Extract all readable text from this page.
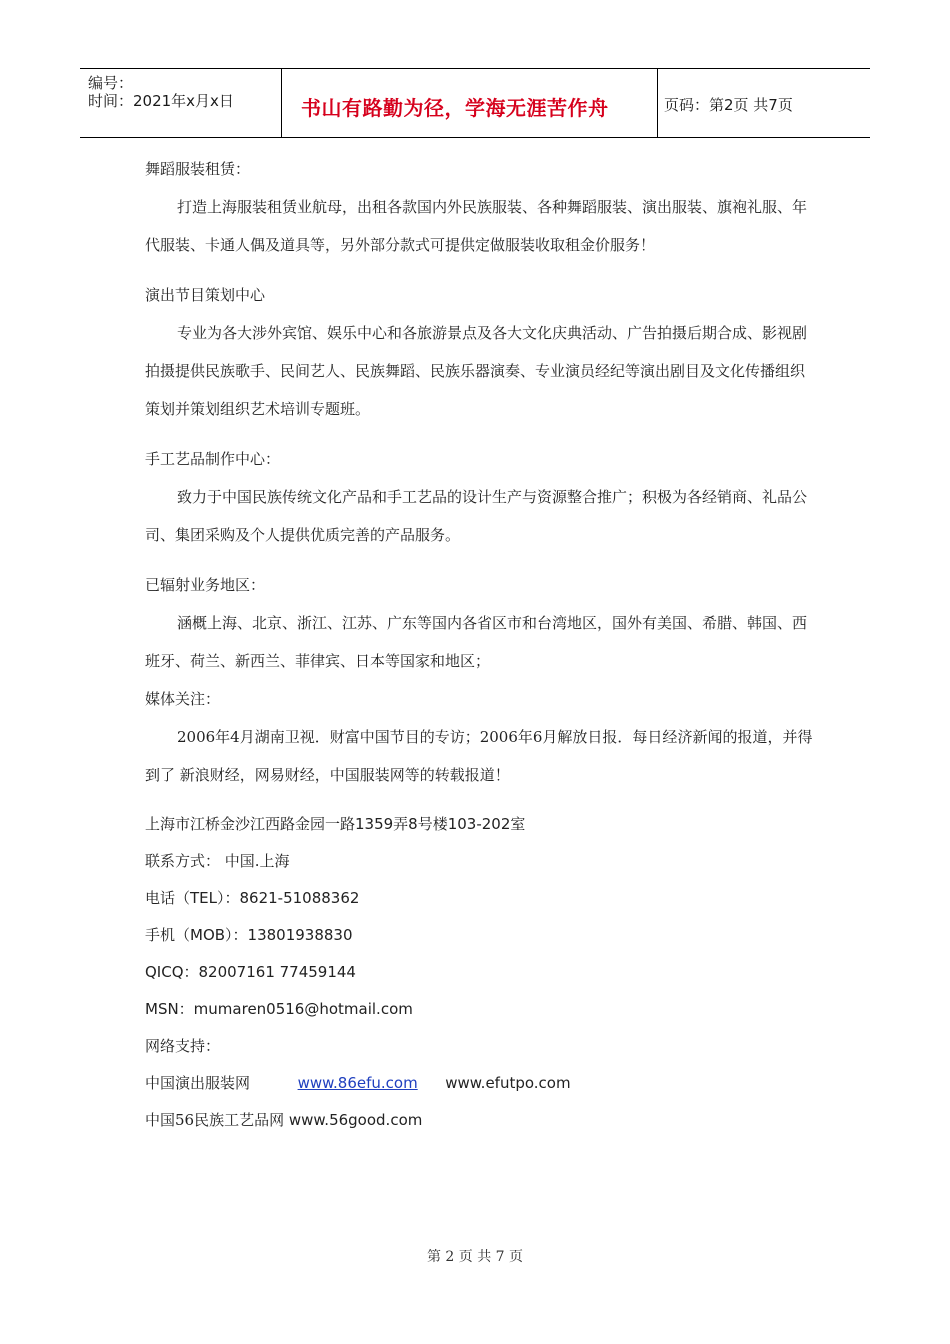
编号：
时间：2021年x月x日	书山有路勤为径，学海无涯苦作舟	页码：第2页 共7页

舞蹈服装租赁：

打造上海服装租赁业航母，出租各款国内外民族服装、各种舞蹈服装、演出服装、旗袍礼服、年代服装、卡通人偶及道具等，另外部分款式可提供定做服装收取租金价服务！

演出节目策划中心

专业为各大涉外宾馆、娱乐中心和各旅游景点及各大文化庆典活动、广告拍摄后期合成、影视剧拍摄提供民族歌手、民间艺人、民族舞蹈、民族乐器演奏、专业演员经纪等演出剧目及文化传播组织策划并策划组织艺术培训专题班。

手工艺品制作中心：

致力于中国民族传统文化产品和手工艺品的设计生产与资源整合推广；积极为各经销商、礼品公司、集团采购及个人提供优质完善的产品服务。

已辐射业务地区：

涵概上海、北京、浙江、江苏、广东等国内各省区市和台湾地区，国外有美国、希腊、韩国、西班牙、荷兰、新西兰、菲律宾、日本等国家和地区；

媒体关注：

2006年4月湖南卫视．财富中国节目的专访；2006年6月解放日报．每日经济新闻的报道，并得到了 新浪财经，网易财经，中国服装网等的转载报道！

上海市江桥金沙江西路金园一路1359弄8号楼103-202室

联系方式： 中国.上海

电话（TEL）：8621-51088362

手机（MOB）：13801938830

QICQ：82007161 77459144

MSN：mumaren0516@hotmail.com

网络支持：

中国演出服装网	www.86efu.com www.efutpo.com

中国56民族工艺品网 www.56good.com

第 2 页 共 7 页
